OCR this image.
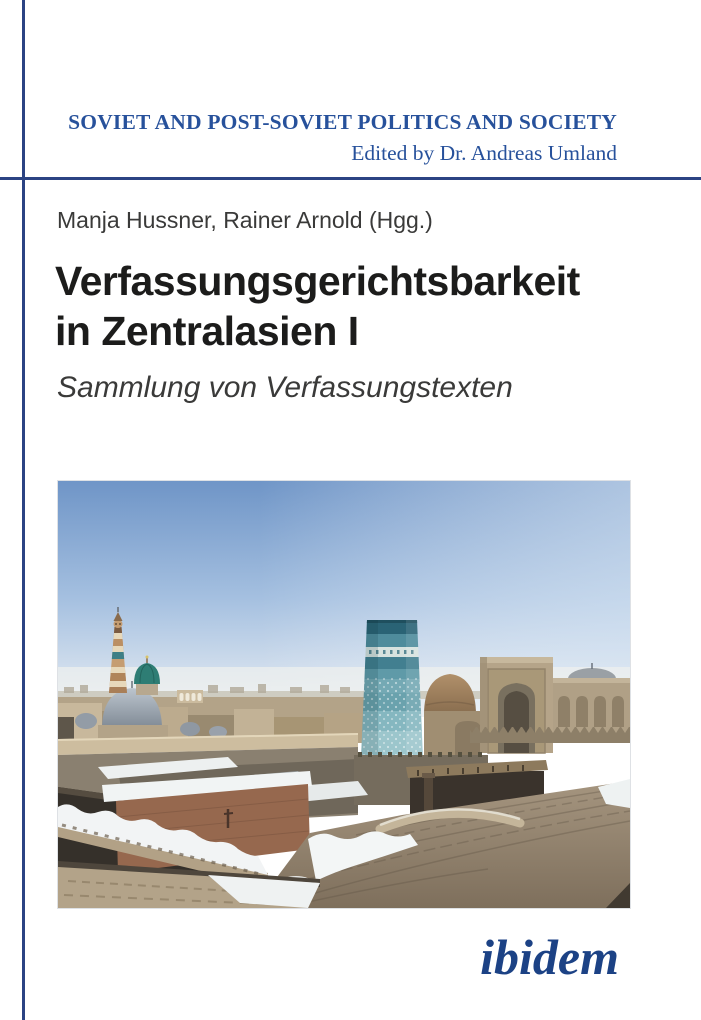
SOVIET AND POST-SOVIET POLITICS AND SOCIETY
Edited by Dr. Andreas Umland
Manja Hussner, Rainer Arnold (Hgg.)
Verfassungsgerichtsbarkeit
in Zentralasien I
Sammlung von Verfassungstexten
ibidem
